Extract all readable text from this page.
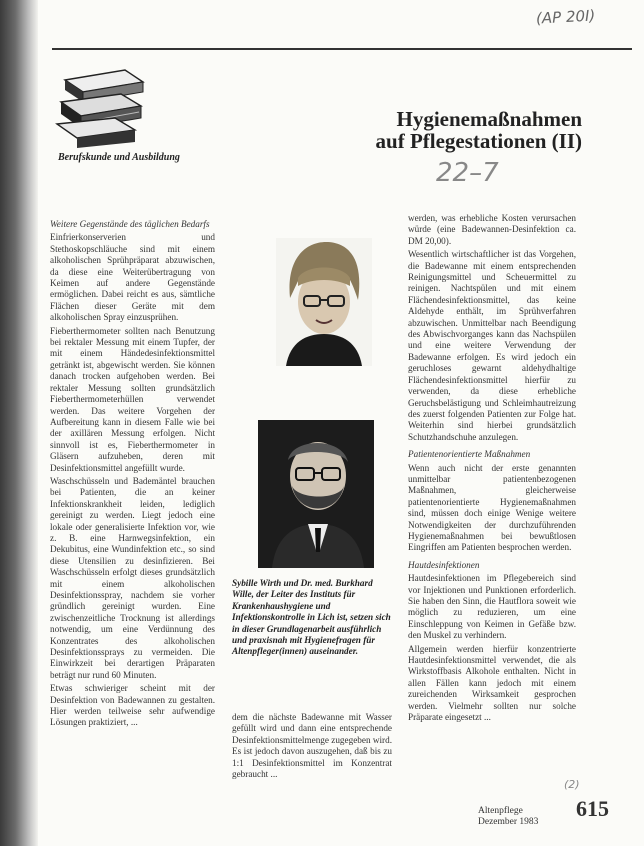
(AP 20I)
22–7
Berufskunde und Ausbildung
Hygienemaßnahmen
auf Pflegestationen (II)
Weitere Gegenstände des täglichen Bedarfs

Einfrierkonserverien und Stethoskopschläuche sind mit einem alkoholischen Sprühpräparat abzuwischen, da diese eine Weiterübertragung von Keimen auf andere Gegenstände ermöglichen. Dabei reicht es aus, sämtliche Flächen dieser Geräte mit dem alkoholischen Spray einzusprühen.

Fieberthermometer sollten nach Benutzung bei rektaler Messung mit einem Tupfer, der mit einem Händedesinfektionsmittel getränkt ist, abgewischt werden. Sie können danach trocken aufgehoben werden. Bei rektaler Messung sollten grundsätzlich Fieberthermometerhüllen verwendet werden. Das weitere Vorgehen der Aufbereitung kann in diesem Falle wie bei der axillären Messung erfolgen. Nicht sinnvoll ist es, Fieberthermometer in Gläsern aufzuheben, deren mit Desinfektionsmittel angefüllt wurde.

Waschschüsseln und Bademäntel brauchen bei Patienten, die an keiner Infektionskrankheit leiden, lediglich gereinigt zu werden. Liegt jedoch eine lokale oder generalisierte Infektion vor, wie z. B. eine Harnwegsinfektion, ein Dekubitus, eine Wundinfektion etc., so sind diese Utensilien zu desinfizieren. Bei Waschschüsseln erfolgt dieses grundsätzlich mit einem alkoholischen Desinfektionsspray, nachdem sie vorher gründlich gereinigt wurden. Eine zwischenzeitliche Trocknung ist allerdings notwendig, um eine Verdünnung des Konzentrates des alkoholischen Desinfektionssprays zu vermeiden. Die Einwirkzeit bei derartigen Präparaten beträgt nur rund 60 Minuten.

Etwas schwieriger scheint mit der Desinfektion von Badewannen zu gestalten. Hier werden teilweise sehr aufwendige Lösungen praktiziert, ...

Sybille Wirth und Dr. med. Burkhard Wille, der Leiter des Instituts für Krankenhaushygiene und Infektionskontrolle in Lich ist, setzen sich in dieser Grundlagenarbeit ausführlich und praxisnah mit Hygienefragen für Altenpfleger(innen) auseinander.

dem die nächste Badewanne mit Wasser gefüllt wird und dann eine entsprechende Desinfektionsmittelmenge zugegeben wird. Es ist jedoch davon auszugehen, daß bis zu 1:1 Desinfektionsmittel im Konzentrat gebraucht ...

werden, was erhebliche Kosten verursachen würde (eine Badewannen-Desinfektion ca. DM 20,00).

Wesentlich wirtschaftlicher ist das Vorgehen, die Badewanne mit einem entsprechenden Reinigungsmittel und Scheuermittel zu reinigen. Nachtspülen und mit einem Flächendesinfektionsmittel, das keine Aldehyde enthält, im Sprühverfahren abzuwischen. Unmittelbar nach Beendigung des Abwischvorganges kann das Nachspülen und eine weitere Verwendung der Badewanne erfolgen. Es wird jedoch ein geruchloses gewarnt aldehydhaltige Flächendesinfektionsmittel hierfür zu verwenden, da diese erhebliche Geruchsbelästigung und Schleimhautreizung des zuerst folgenden Patienten zur Folge hat. Weiterhin sind hierbei grundsätzlich Schutzhandschuhe anzulegen.

Patientenorientierte Maßnahmen

Wenn auch nicht der erste genannten unmittelbar patientenbezogenen Maßnahmen, gleicherweise patientenorientierte Hygienemaßnahmen sind, müssen doch einige Wenige weitere Notwendigkeiten der durchzuführenden Hygienemaßnahmen bei bewußtlosen Eingriffen am Patienten besprochen werden.

Hautdesinfektionen

Hautdesinfektionen im Pflegebereich sind vor Injektionen und Punktionen erforderlich. Sie haben den Sinn, die Hautflora soweit wie möglich zu reduzieren, um eine Einschleppung von Keimen in Gefäße bzw. den Muskel zu verhindern.

Allgemein werden hierfür konzentrierte Hautdesinfektionsmittel verwendet, die als Wirkstoffbasis Alkohole enthalten. Nicht in allen Fällen kann jedoch mit einem zureichenden Wirksamkeit gesprochen werden. Vielmehr sollten nur solche Präparate eingesetzt ...

(2)
Altenpflege
Dezember 1983
615
